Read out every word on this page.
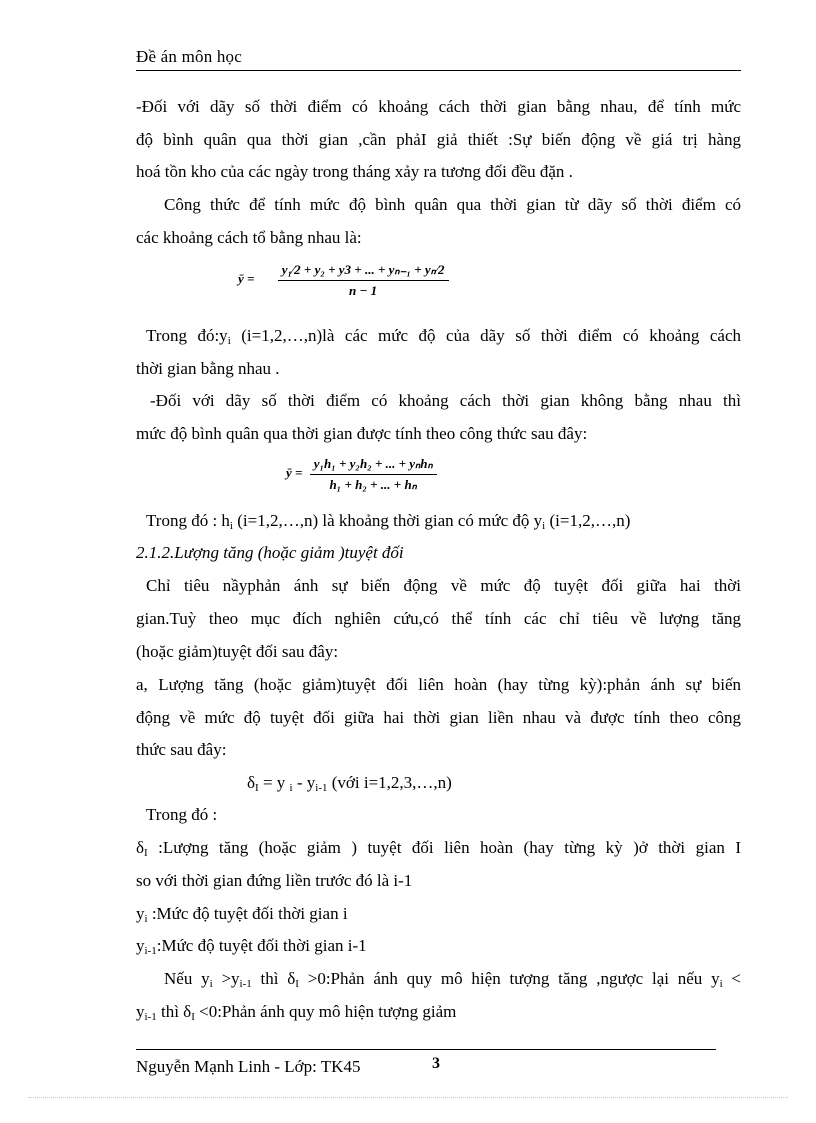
Đề án môn học
-Đối với dãy số thời điểm có khoảng cách thời gian bằng nhau, để tính mức
độ bình quân qua thời gian ,cần phảI giả thiết :Sự biến động về giá trị hàng
hoá tồn kho của các ngày trong tháng xảy ra tương đối đều đặn .
Công thức để tính mức độ bình quân qua thời gian từ dãy số thời điểm có
các khoảng cách tổ bằng nhau là:
ȳ = $\frac{\text{y₁⁄2 + y₂ + y3 + ... + yₙ₋₁ + yₙ⁄2}}{n - 1}$
Trong $đó:y_i$ (i=1,2,…,n)là các mức độ của dãy số thời điểm có khoảng cách
thời gian bằng nhau .
-Đối với dãy số thời điểm có khoảng cách thời gian không bằng nhau thì
mức độ bình quân qua thời gian được tính theo công thức sau đây:
ȳ = $\frac{\text{y₁h₁ + y₂h₂ + ... + yₙhₙ}}{\text{h₁ + h₂ + ... + hₙ}}$
Trong đó : $h_i$ (i=1,2,…,n) là khoảng thời gian có mức độ $y_i$ (i=1,2,…,n)
2.1.2.Lượng tăng (hoặc giảm )tuyệt đối
Chỉ tiêu nầyphản ánh sự biến động về mức độ tuyệt đối giữa hai thời
gian.Tuỳ theo mục đích nghiên cứu,có thể tính các chỉ tiêu về lượng tăng
(hoặc giảm)tuyệt đối sau đây:
a, Lượng tăng (hoặc giảm)tuyệt đối liên hoàn (hay từng kỳ):phản ánh sự biến
động về mức độ tuyệt đối giữa hai thời gian liền nhau và được tính theo công
thức sau đây:
$\delta_I = y$ $_i - y_{i-1}$ (với i=1,2,3,…,n)
Trong đó :
$\delta_I$ :Lượng tăng (hoặc giảm ) tuyệt đối liên hoàn (hay từng kỳ )ở thời gian I
so với thời gian đứng liền trước đó là i-1
$y_i$ :Mức độ tuyệt đối thời gian i
$y_{i-1}:Mức$ độ tuyệt đối thời gian i-1
Nếu $y_i >y_{i-1}$ thì $\delta_I$ >0:Phản ánh quy mô hiện tượng tăng ,ngược lại nếu $y_i$ <
$y_{i-1}$ thì $\delta_I$ <0:Phản ánh quy mô hiện tượng giảm
Nguyễn Mạnh Linh - Lớp: TK45	3
